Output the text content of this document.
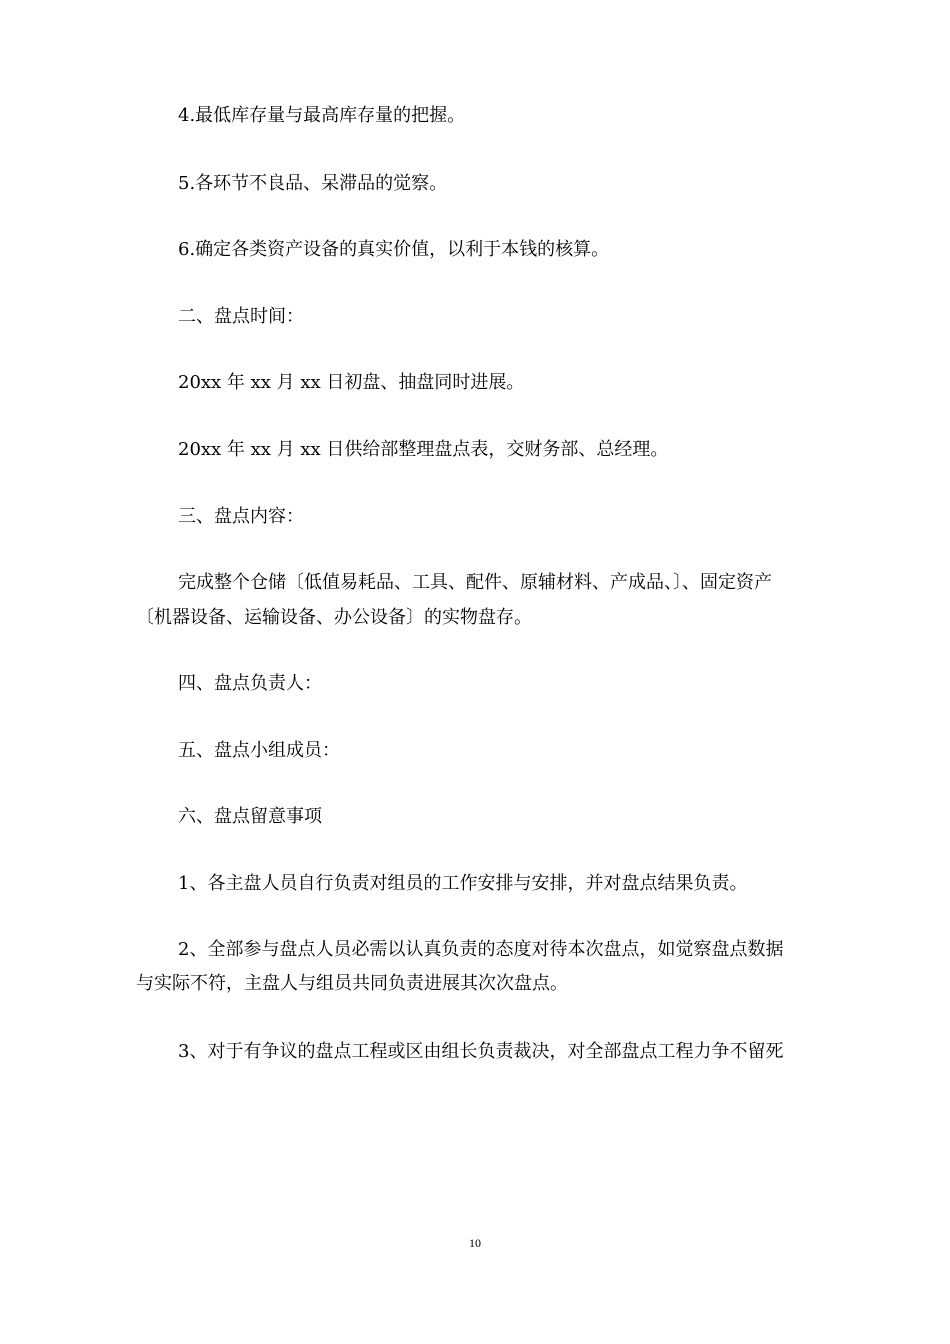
4.最低库存量与最高库存量的把握。

5.各环节不良品、呆滞品的觉察。

6.确定各类资产设备的真实价值，以利于本钱的核算。

二、盘点时间：

20xx 年 xx 月 xx 日初盘、抽盘同时进展。

20xx 年 xx 月 xx 日供给部整理盘点表，交财务部、总经理。

三、盘点内容：

完成整个仓储〔低值易耗品、工具、配件、原辅材料、产成品、〕、固定资产

〔机器设备、运输设备、办公设备〕的实物盘存。

四、盘点负责人：

五、盘点小组成员：

六、盘点留意事项

1、各主盘人员自行负责对组员的工作安排与安排，并对盘点结果负责。

2、全部参与盘点人员必需以认真负责的态度对待本次盘点，如觉察盘点数据

与实际不符，主盘人与组员共同负责进展其次次盘点。

3、对于有争议的盘点工程或区由组长负责裁决，对全部盘点工程力争不留死

10
